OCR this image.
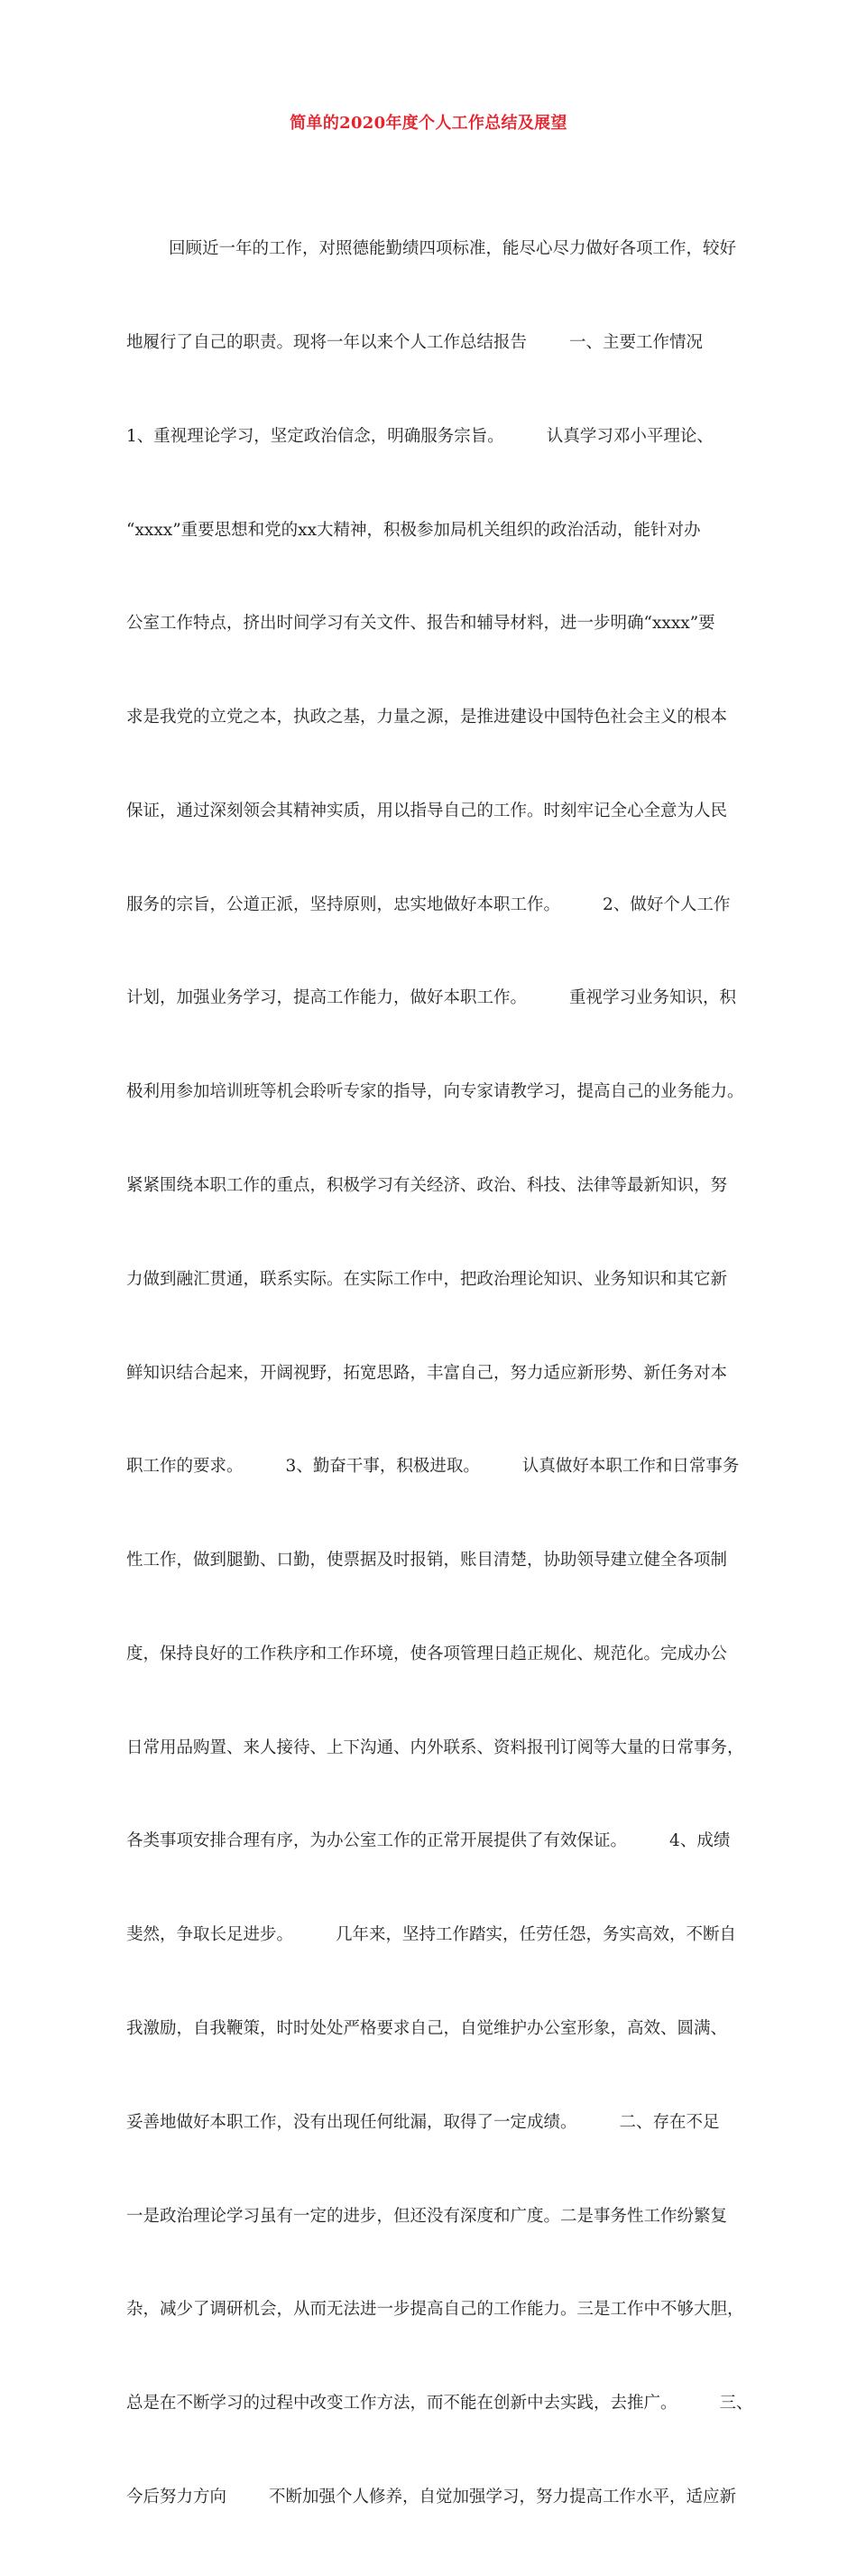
简单的2020年度个人工作总结及展望

回顾近一年的工作，对照德能勤绩四项标准，能尽心尽力做好各项工作，较好

地履行了自己的职责。现将一年以来个人工作总结报告        一、主要工作情况

1、重视理论学习，坚定政治信念，明确服务宗旨。        认真学习邓小平理论、

“xxxx”重要思想和党的xx大精神，积极参加局机关组织的政治活动，能针对办

公室工作特点，挤出时间学习有关文件、报告和辅导材料，进一步明确“xxxx”要

求是我党的立党之本，执政之基，力量之源，是推进建设中国特色社会主义的根本

保证，通过深刻领会其精神实质，用以指导自己的工作。时刻牢记全心全意为人民

服务的宗旨，公道正派，坚持原则，忠实地做好本职工作。        2、做好个人工作

计划，加强业务学习，提高工作能力，做好本职工作。        重视学习业务知识，积

极利用参加培训班等机会聆听专家的指导，向专家请教学习，提高自己的业务能力。

紧紧围绕本职工作的重点，积极学习有关经济、政治、科技、法律等最新知识，努

力做到融汇贯通，联系实际。在实际工作中，把政治理论知识、业务知识和其它新

鲜知识结合起来，开阔视野，拓宽思路，丰富自己，努力适应新形势、新任务对本

职工作的要求。        3、勤奋干事，积极进取。        认真做好本职工作和日常事务

性工作，做到腿勤、口勤，使票据及时报销，账目清楚，协助领导建立健全各项制

度，保持良好的工作秩序和工作环境，使各项管理日趋正规化、规范化。完成办公

日常用品购置、来人接待、上下沟通、内外联系、资料报刊订阅等大量的日常事务，

各类事项安排合理有序，为办公室工作的正常开展提供了有效保证。        4、成绩

斐然，争取长足进步。        几年来，坚持工作踏实，任劳任怨，务实高效，不断自

我激励，自我鞭策，时时处处严格要求自己，自觉维护办公室形象，高效、圆满、

妥善地做好本职工作，没有出现任何纰漏，取得了一定成绩。        二、存在不足

一是政治理论学习虽有一定的进步，但还没有深度和广度。二是事务性工作纷繁复

杂，减少了调研机会，从而无法进一步提高自己的工作能力。三是工作中不够大胆，

总是在不断学习的过程中改变工作方法，而不能在创新中去实践，去推广。        三、

今后努力方向        不断加强个人修养，自觉加强学习，努力提高工作水平，适应新
